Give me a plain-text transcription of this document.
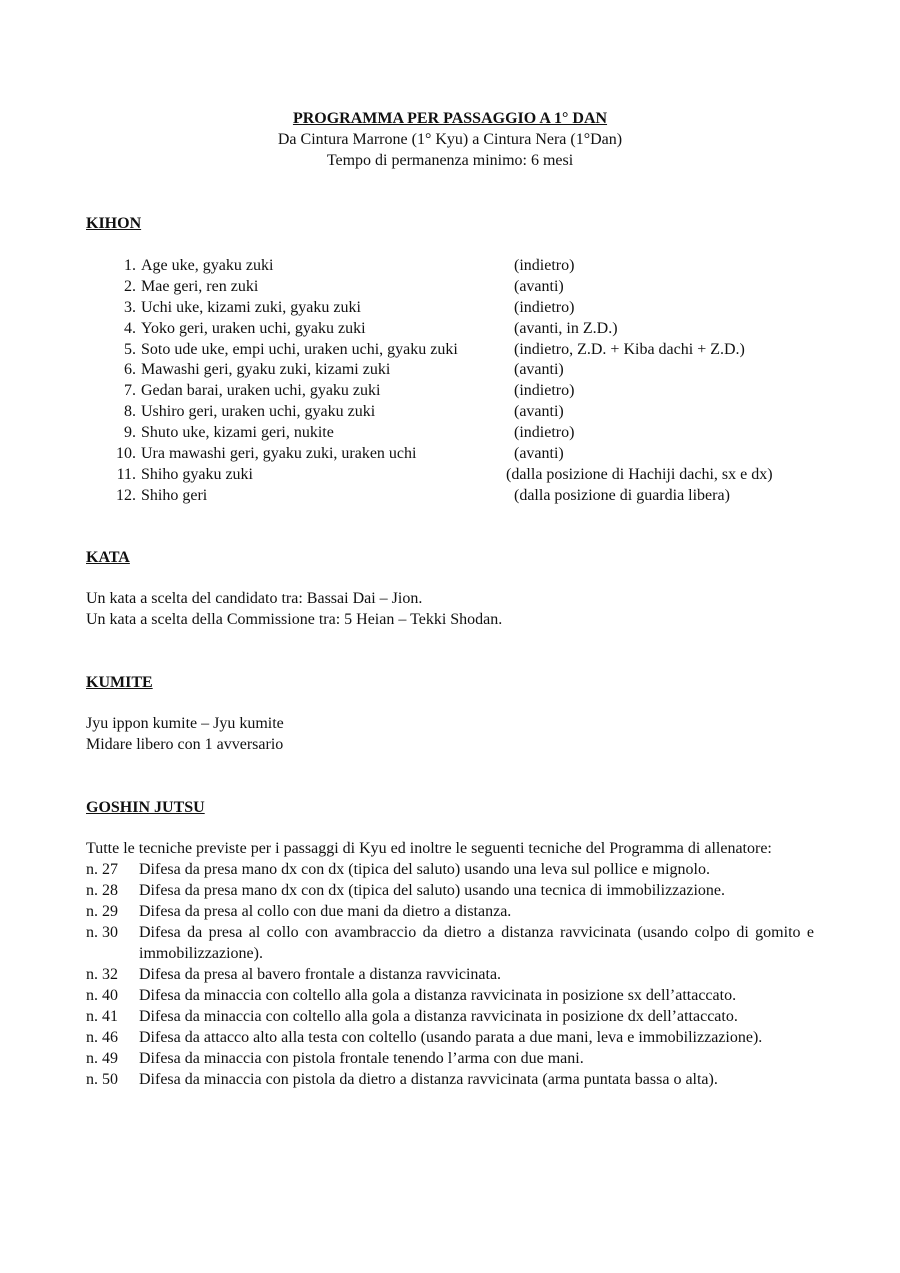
PROGRAMMA PER PASSAGGIO A 1° DAN
Da Cintura Marrone (1° Kyu) a Cintura Nera (1°Dan)
Tempo di permanenza minimo: 6 mesi
KIHON
1. Age uke, gyaku zuki	(indietro)
2. Mae geri, ren zuki	(avanti)
3. Uchi uke, kizami zuki, gyaku zuki	(indietro)
4. Yoko geri, uraken uchi, gyaku zuki	(avanti, in Z.D.)
5. Soto ude uke, empi uchi, uraken uchi, gyaku zuki	(indietro, Z.D. + Kiba dachi + Z.D.)
6. Mawashi geri, gyaku zuki, kizami zuki	(avanti)
7. Gedan barai, uraken uchi, gyaku zuki	(indietro)
8. Ushiro geri, uraken uchi, gyaku zuki	(avanti)
9. Shuto uke, kizami geri, nukite	(indietro)
10. Ura mawashi geri, gyaku zuki, uraken uchi	(avanti)
11. Shiho gyaku zuki	(dalla posizione di Hachiji dachi, sx e dx)
12. Shiho geri	(dalla posizione di guardia libera)
KATA
Un kata a scelta del candidato tra: Bassai Dai – Jion.
Un kata a scelta della Commissione tra: 5 Heian – Tekki Shodan.
KUMITE
Jyu ippon kumite – Jyu kumite
Midare libero con 1 avversario
GOSHIN JUTSU
Tutte le tecniche previste per i passaggi di Kyu ed inoltre le seguenti tecniche del Programma di allenatore:
n. 27 Difesa da presa mano dx con dx (tipica del saluto) usando una leva sul pollice e mignolo.
n. 28 Difesa da presa mano dx con dx (tipica del saluto) usando una tecnica di immobilizzazione.
n. 29 Difesa da presa al collo con due mani da dietro a distanza.
n. 30 Difesa da presa al collo con avambraccio da dietro a distanza ravvicinata (usando colpo di gomito e immobilizzazione).
n. 32 Difesa da presa al bavero frontale a distanza ravvicinata.
n. 40 Difesa da minaccia con coltello alla gola a distanza ravvicinata in posizione sx dell’attaccato.
n. 41 Difesa da minaccia con coltello alla gola a distanza ravvicinata in posizione dx dell’attaccato.
n. 46 Difesa da attacco alto alla testa con coltello (usando parata a due mani, leva e immobilizzazione).
n. 49 Difesa da minaccia con pistola frontale tenendo l’arma con due mani.
n. 50 Difesa da minaccia con pistola da dietro a distanza ravvicinata (arma puntata bassa o alta).
